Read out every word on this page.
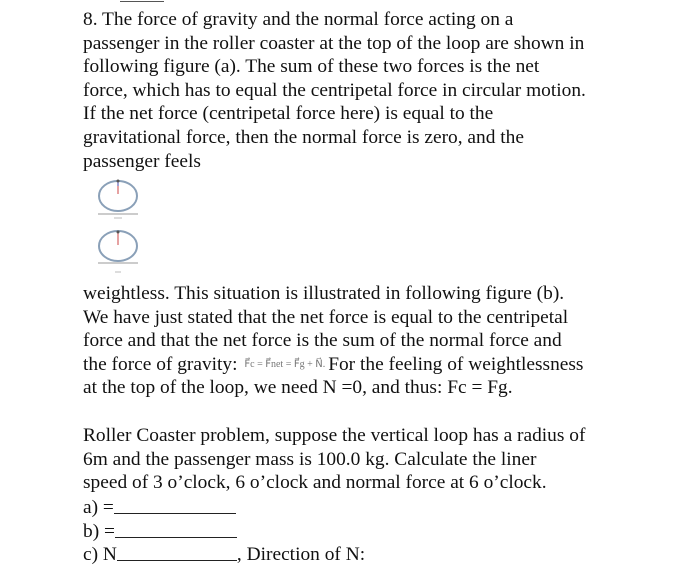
8. The force of gravity and the normal force acting on a
passenger in the roller coaster at the top of the loop are shown in
following figure (a). The sum of these two forces is the net
force, which has to equal the centripetal force in circular motion.
If the net force (centripetal force here) is equal to the
gravitational force, then the normal force is zero, and the
passenger feels
weightless. This situation is illustrated in following figure (b).
We have just stated that the net force is equal to the centripetal
force and that the net force is the sum of the normal force and
the force of gravity: F⃗c = F⃗net = F⃗g + N⃗. For the feeling of weightlessness
at the top of the loop, we need N =0, and thus: Fc = Fg.
Roller Coaster problem, suppose the vertical loop has a radius of
6m and the passenger mass is 100.0 kg. Calculate the liner
speed of 3 o’clock, 6 o’clock and normal force at 6 o’clock.
a) =
b) =
c) N	, Direction of N:
